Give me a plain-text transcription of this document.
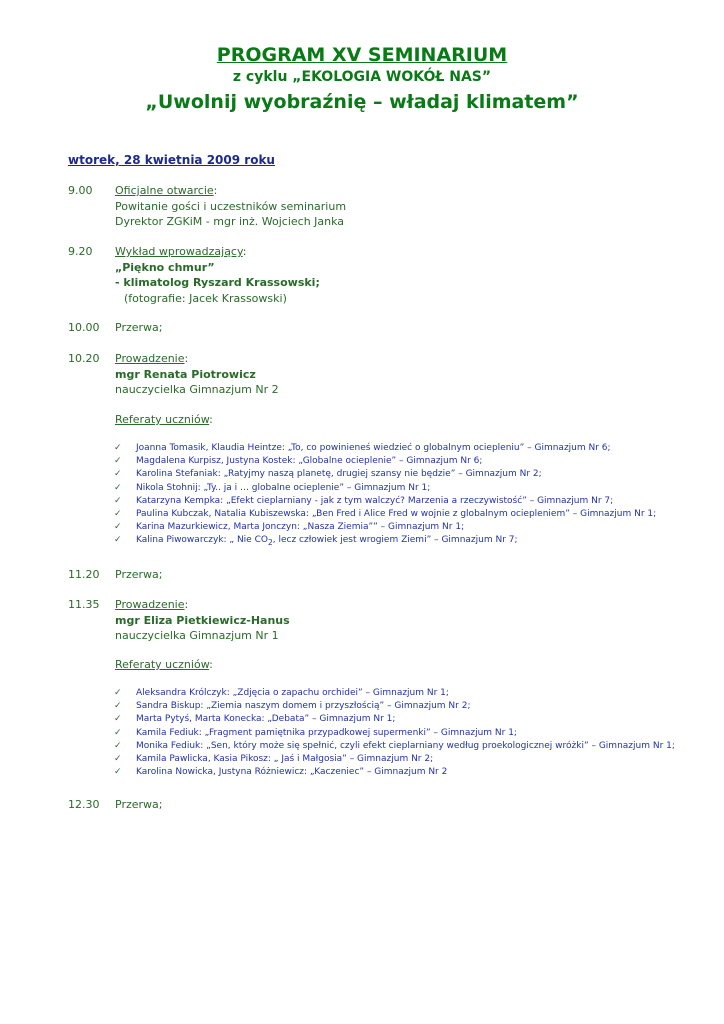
PROGRAM XV SEMINARIUM
z cyklu „EKOLOGIA WOKÓŁ NAS”
„Uwolnij wyobraźnię – władaj klimatem”
wtorek, 28 kwietnia 2009 roku
9.00 Oficjalne otwarcie:
Powitanie gości i uczestników seminarium
Dyrektor ZGKiM - mgr inż. Wojciech Janka
9.20 Wykład wprowadzający:
„Piękno chmur”
- klimatolog Ryszard Krassowski;
(fotografie: Jacek Krassowski)
10.00 Przerwa;
10.20 Prowadzenie:
mgr Renata Piotrowicz
nauczycielka Gimnazjum Nr 2
Referaty uczniów:
✓ Joanna Tomasik, Klaudia Heintze: „To, co powinieneś wiedzieć o globalnym ociepleniu” – Gimnazjum Nr 6;
✓ Magdalena Kurpisz, Justyna Kostek: „Globalne ocieplenie” – Gimnazjum Nr 6;
✓ Karolina Stefaniak: „Ratyjmy naszą planetę, drugiej szansy nie będzie” – Gimnazjum Nr 2;
✓ Nikola Stohnij: „Ty.. ja i … globalne ocieplenie” – Gimnazjum Nr 1;
✓ Katarzyna Kempka: „Efekt cieplarniany - jak z tym walczyć? Marzenia a rzeczywistość” – Gimnazjum Nr 7;
✓ Paulina Kubczak, Natalia Kubiszewska: „Ben Fred i Alice Fred w wojnie z globalnym ociepleniem” – Gimnazjum Nr 1;
✓ Karina Mazurkiewicz, Marta Jonczyn: „Nasza Ziemia”” – Gimnazjum Nr 1;
✓ Kalina Piwowarczyk: „ Nie $CO_2$, lecz człowiek jest wrogiem Ziemi” – Gimnazjum Nr 7;
11.20 Przerwa;
11.35 Prowadzenie:
mgr Eliza Pietkiewicz-Hanus
nauczycielka Gimnazjum Nr 1
Referaty uczniów:
✓ Aleksandra Królczyk: „Zdjęcia o zapachu orchidei” – Gimnazjum Nr 1;
✓ Sandra Biskup: „Ziemia naszym domem i przyszłością” – Gimnazjum Nr 2;
✓ Marta Pytyś, Marta Konecka: „Debata” – Gimnazjum Nr 1;
✓ Kamila Fediuk: „Fragment pamiętnika przypadkowej supermenki” – Gimnazjum Nr 1;
✓ Monika Fediuk: „Sen, który może się spełnić, czyli efekt cieplarniany według proekologicznej wróżki” – Gimnazjum Nr 1;
✓ Kamila Pawlicka, Kasia Pikosz: „ Jaś i Małgosia” – Gimnazjum Nr 2;
✓ Karolina Nowicka, Justyna Różniewicz: „Kaczeniec” – Gimnazjum Nr 2
12.30 Przerwa;
